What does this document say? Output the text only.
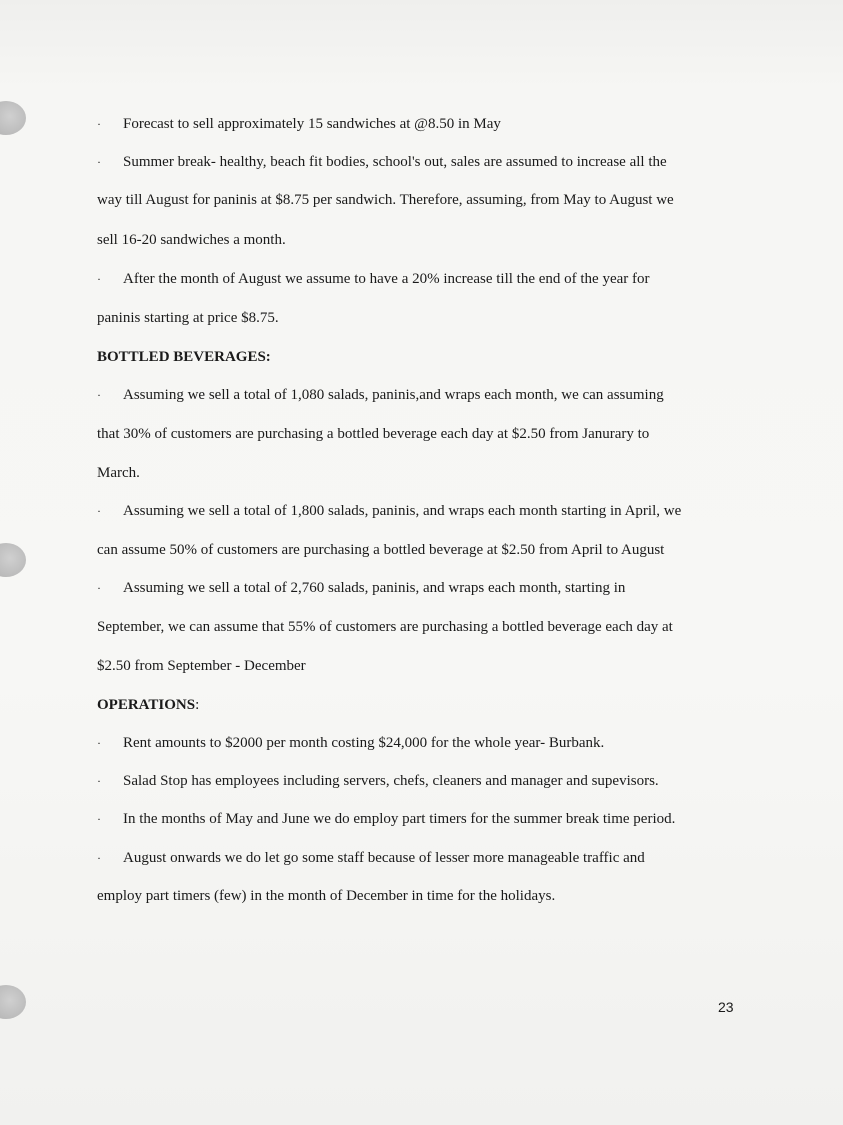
· Forecast to sell approximately 15 sandwiches at @8.50 in May
· Summer break- healthy, beach fit bodies, school's out, sales are assumed to increase all the
way till August for paninis at $8.75 per sandwich. Therefore, assuming, from May to August we
sell 16-20 sandwiches a month.
· After the month of August we assume to have a 20% increase till the end of the year for
paninis starting at price $8.75.
BOTTLED BEVERAGES:
· Assuming we sell a total of 1,080 salads, paninis,and wraps each month, we can assuming
that 30% of customers are purchasing a bottled beverage each day at $2.50 from Janurary to
March.
· Assuming we sell a total of 1,800 salads, paninis, and wraps each month starting in April, we
can assume 50% of customers are purchasing a bottled beverage at $2.50 from April to August
· Assuming we sell a total of 2,760 salads, paninis, and wraps each month, starting in
September, we can assume that 55% of customers are purchasing a bottled beverage each day at
$2.50 from September - December
OPERATIONS:
· Rent amounts to $2000 per month costing $24,000 for the whole year- Burbank.
· Salad Stop has employees including servers, chefs, cleaners and manager and supevisors.
· In the months of May and June we do employ part timers for the summer break time period.
· August onwards we do let go some staff because of lesser more manageable traffic and
employ part timers (few) in the month of December in time for the holidays.
23
